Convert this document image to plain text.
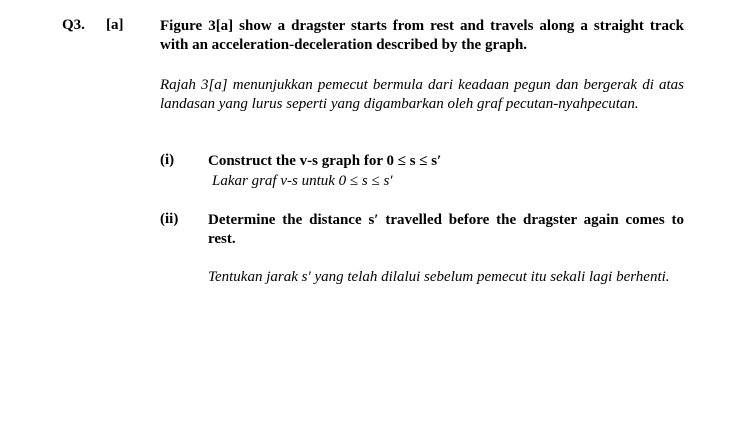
Q3. [a] Figure 3[a] show a dragster starts from rest and travels along a straight track with an acceleration-deceleration described by the graph.
Rajah 3[a] menunjukkan pemecut bermula dari keadaan pegun dan bergerak di atas landasan yang lurus seperti yang digambarkan oleh graf pecutan-nyahpecutan.
(i) Construct the v-s graph for 0 ≤ s ≤ s′
Lakar graf v-s untuk 0 ≤ s ≤ s′
(ii) Determine the distance s′ travelled before the dragster again comes to rest.
Tentukan jarak s′ yang telah dilalui sebelum pemecut itu sekali lagi berhenti.
